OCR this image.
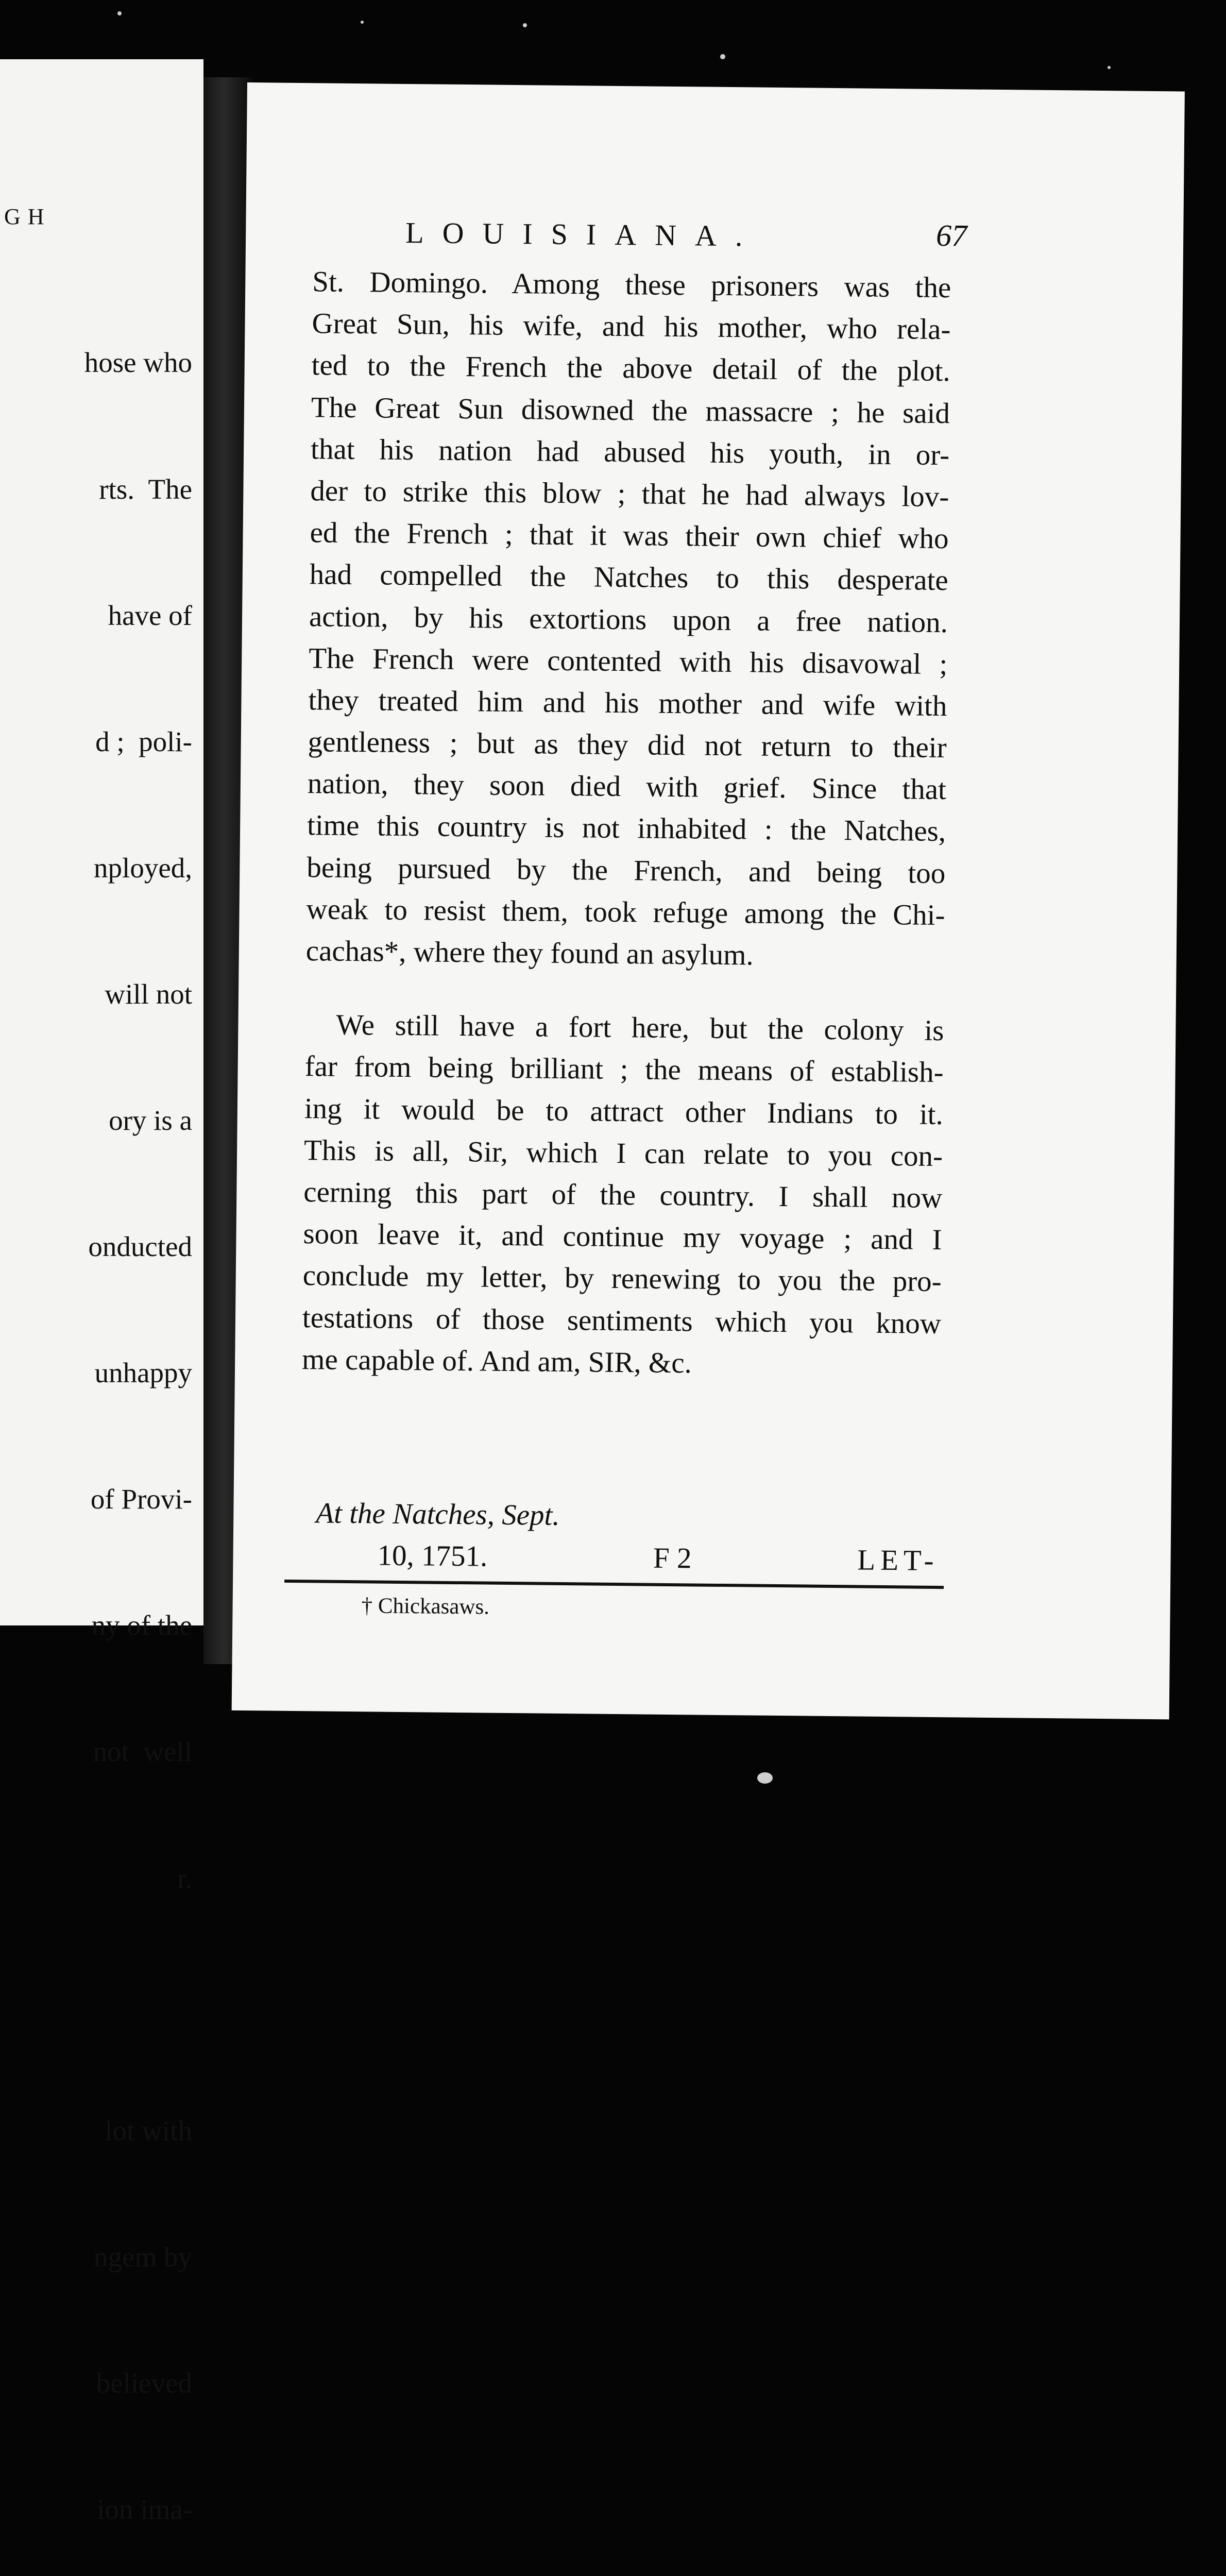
GH

hose who

rts.  The

have of

d ;  poli-

nployed,

will not

ory is a

onducted

unhappy

of Provi-

ny of the

not  well

r.

lot with

ngem by

believed

ion ima-

LOUISIANA.	67
St. Domingo. Among these prisoners was the
Great Sun, his wife, and his mother, who rela-
ted to the French the above detail of the plot.
The Great Sun disowned the massacre ; he said
that his nation had abused his youth, in or-
der to strike this blow ; that he had always lov-
ed the French ; that it was their own chief who
had compelled the Natches to this desperate
action, by his extortions upon a free nation.
The French were contented with his disavowal ;
they treated him and his mother and wife with
gentleness ; but as they did not return to their
nation, they soon died with grief. Since that
time this country is not inhabited : the Natches,
being pursued by the French, and being too
weak to resist them, took refuge among the Chi-
cachas*, where they found an asylum.
We still have a fort here, but the colony is
far from being brilliant ; the means of establish-
ing it would be to attract other Indians to it.
This is all, Sir, which I can relate to you con-
cerning this part of the country. I shall now
soon leave it, and continue my voyage ; and I
conclude my letter, by renewing to you the pro-
testations of those sentiments which you know
me capable of. And am, SIR, &c.
At the Natches, Sept.
10, 1751.	F 2	LET-
† Chickasaws.
